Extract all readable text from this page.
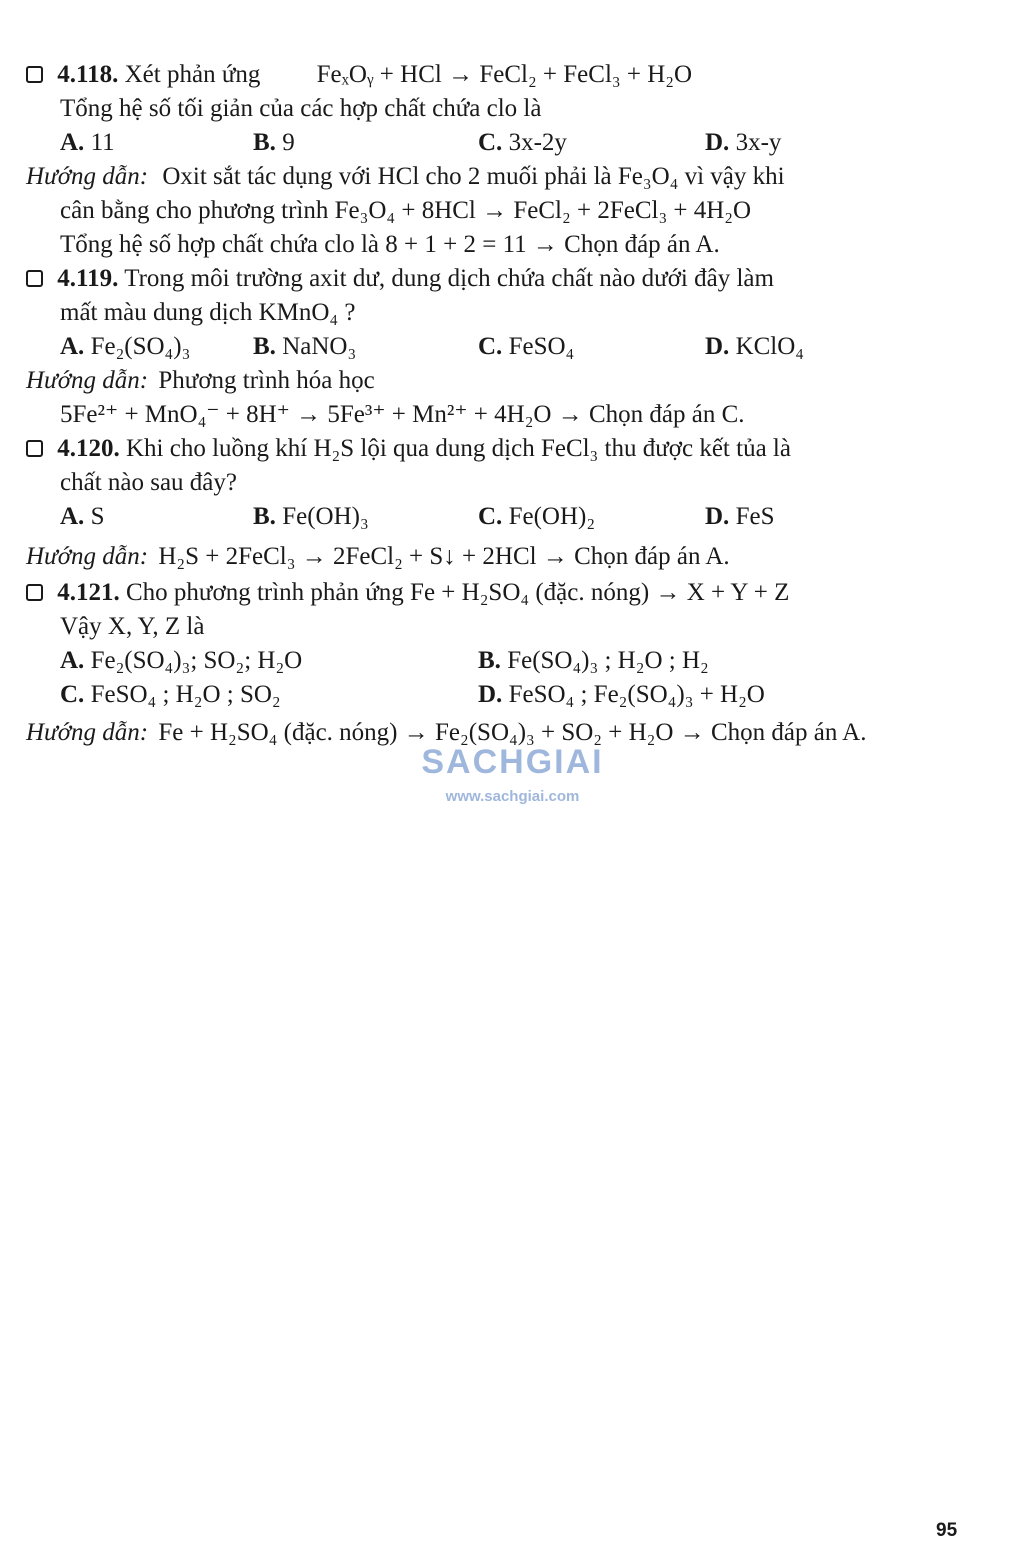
4.118. Xét phản ứng FeₓOᵧ + HCl → FeCl₂ + FeCl₃ + H₂O
Tổng hệ số tối giản của các hợp chất chứa clo là
A. 11	B. 9	C. 3x-2y	D. 3x-y
Hướng dẫn: Oxit sắt tác dụng với HCl cho 2 muối phải là Fe₃O₄ vì vậy khi
cân bằng cho phương trình Fe₃O₄ + 8HCl → FeCl₂ + 2FeCl₃ + 4H₂O
Tổng hệ số hợp chất chứa clo là 8 + 1 + 2 = 11 → Chọn đáp án A.
4.119. Trong môi trường axit dư, dung dịch chứa chất nào dưới đây làm
mất màu dung dịch KMnO₄ ?
A. Fe₂(SO₄)₃	B. NaNO₃	C. FeSO₄	D. KClO₄
Hướng dẫn: Phương trình hóa học
5Fe²⁺ + MnO₄⁻ + 8H⁺ → 5Fe³⁺ + Mn²⁺ + 4H₂O → Chọn đáp án C.
4.120. Khi cho luồng khí H₂S lội qua dung dịch FeCl₃ thu được kết tủa là
chất nào sau đây?
A. S	B. Fe(OH)₃	C. Fe(OH)₂	D. FeS
Hướng dẫn: H₂S + 2FeCl₃ → 2FeCl₂ + S↓ + 2HCl → Chọn đáp án A.
4.121. Cho phương trình phản ứng Fe + H₂SO₄ (đặc. nóng) → X + Y + Z
Vậy X, Y, Z là
A. Fe₂(SO₄)₃; SO₂; H₂O	B. Fe(SO₄)₃ ; H₂O ; H₂
C. FeSO₄ ; H₂O ; SO₂	D. FeSO₄ ; Fe₂(SO₄)₃ + H₂O
Hướng dẫn: Fe + H₂SO₄ (đặc. nóng) → Fe₂(SO₄)₃ + SO₂ + H₂O → Chọn đáp án A.
SACHGIAI
www.sachgiai.com
95
